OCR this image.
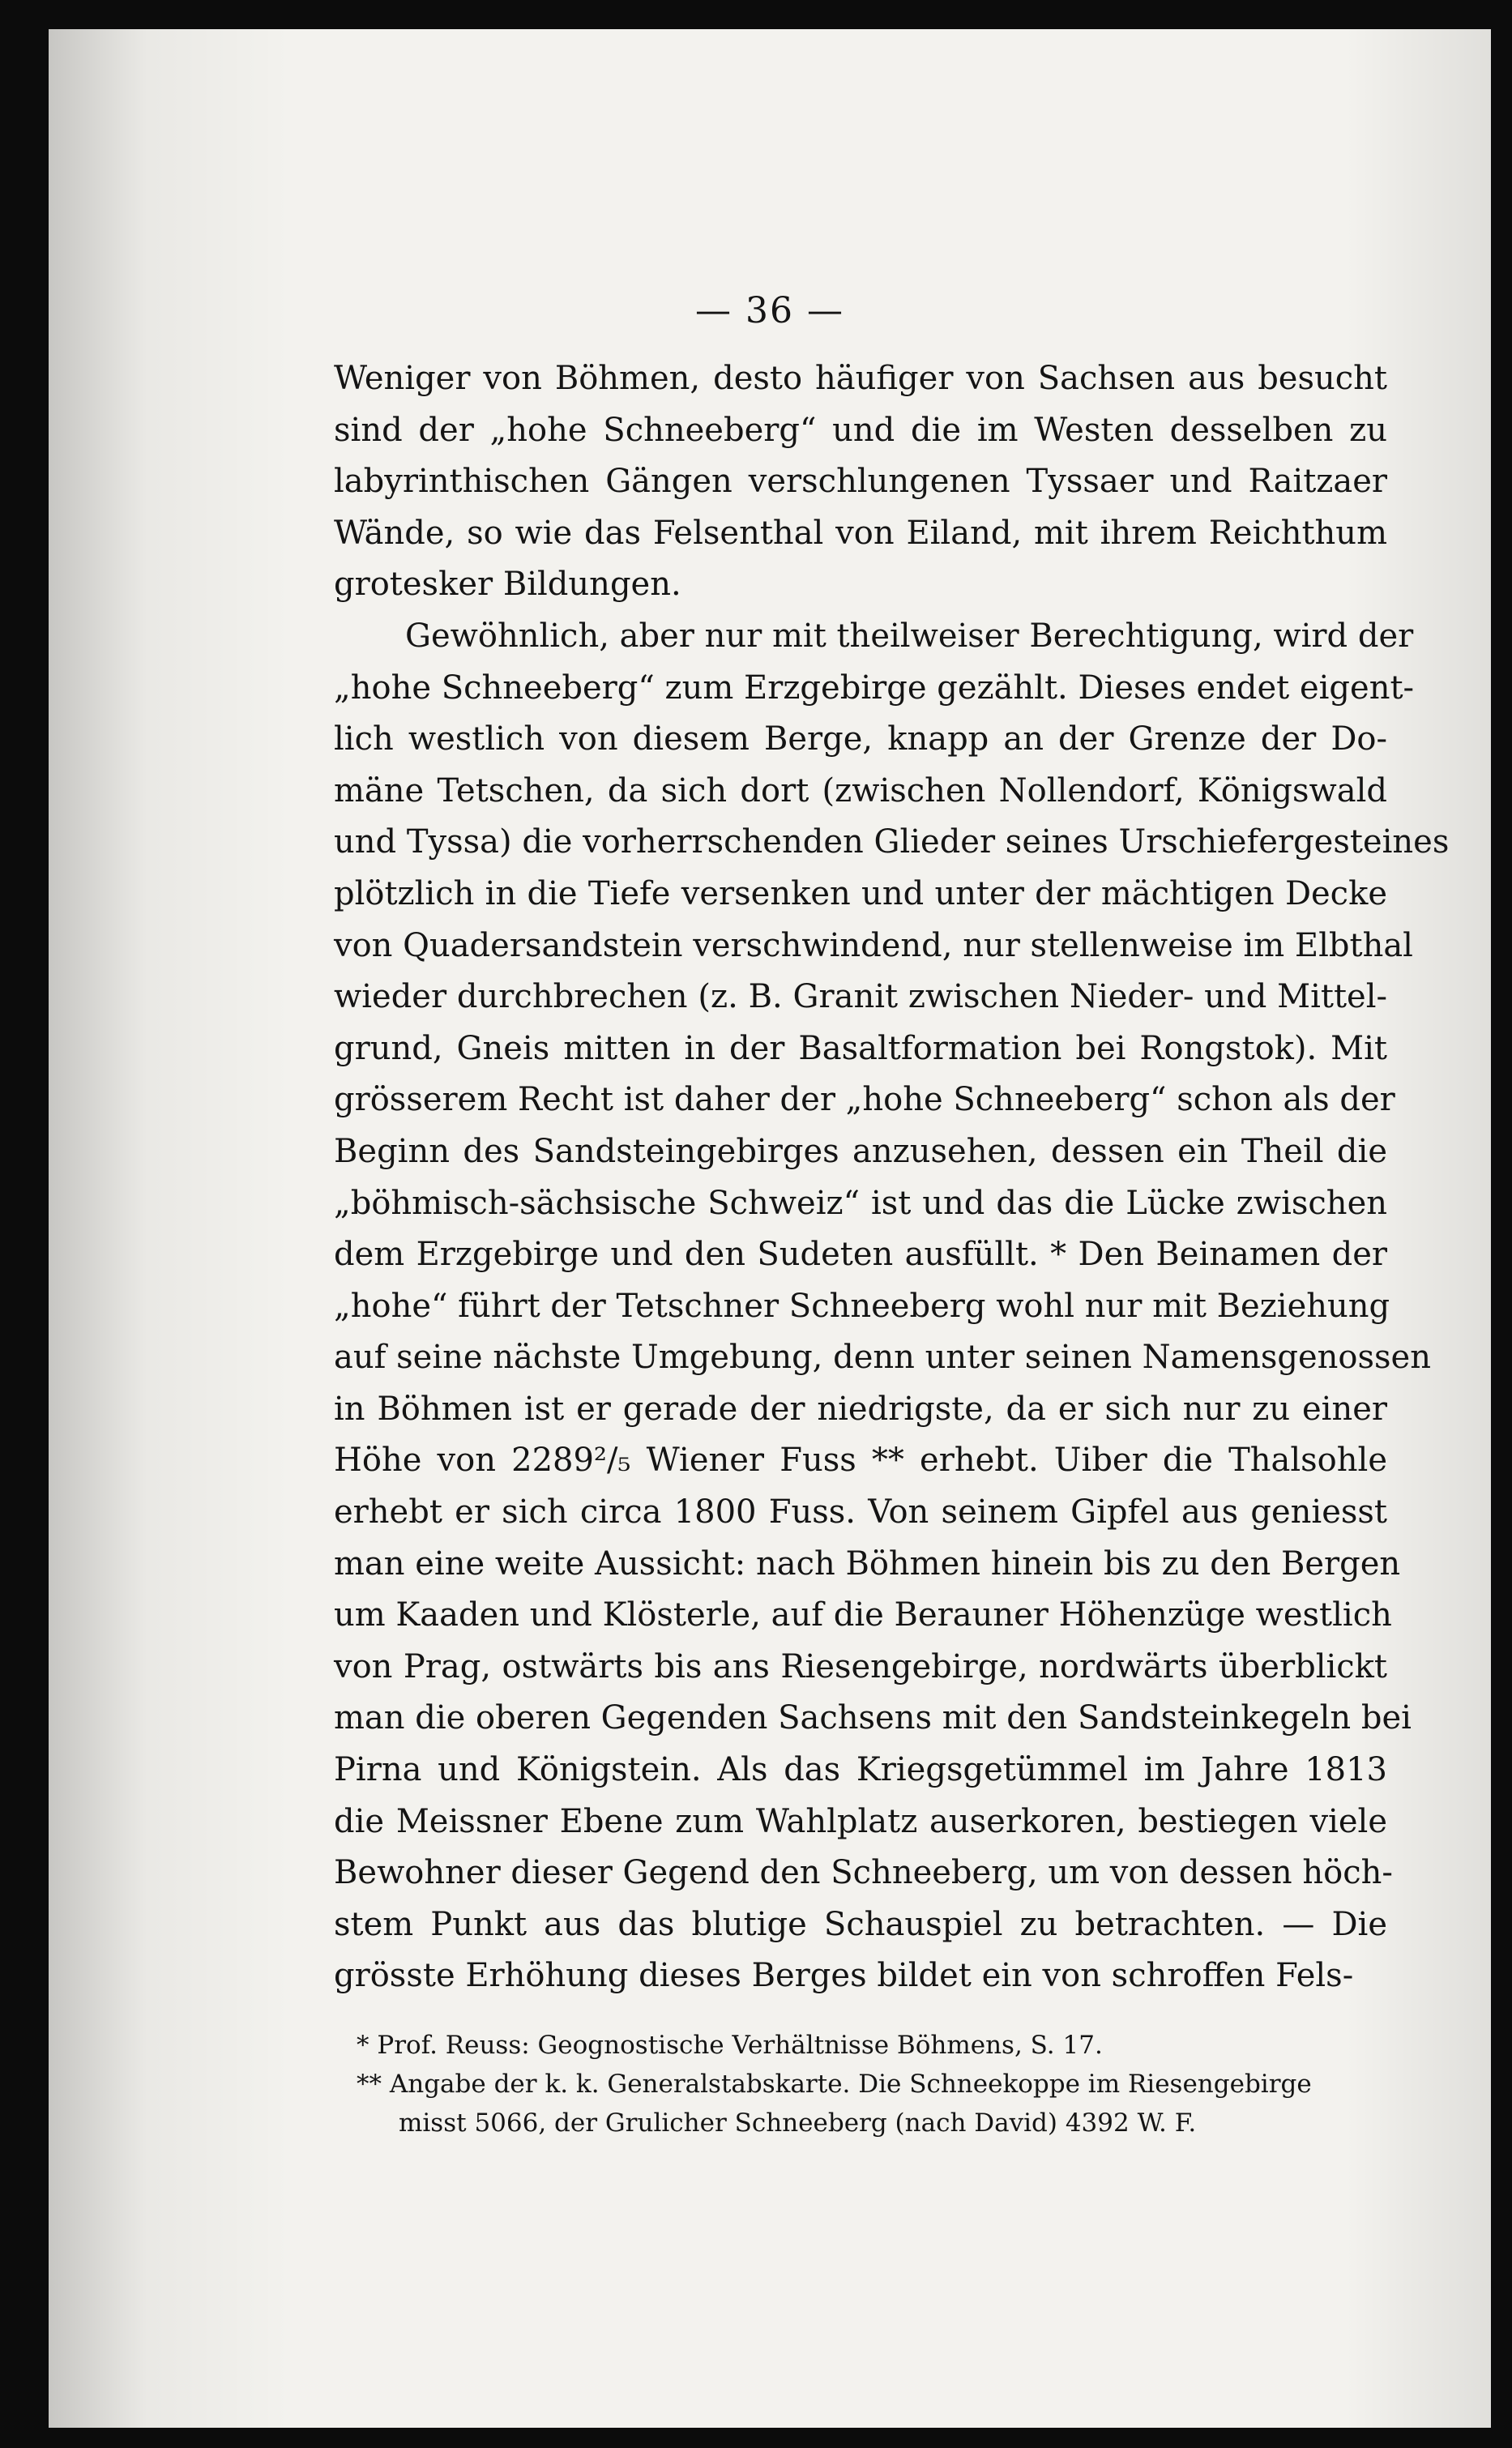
— 36 —
Weniger von Böhmen, desto häufiger von Sachsen aus besucht
sind der „hohe Schneeberg“ und die im Westen desselben zu
labyrinthischen Gängen verschlungenen Tyssaer und Raitzaer
Wände, so wie das Felsenthal von Eiland, mit ihrem Reichthum
grotesker Bildungen.
Gewöhnlich, aber nur mit theilweiser Berechtigung, wird der
„hohe Schneeberg“ zum Erzgebirge gezählt. Dieses endet eigent-
lich westlich von diesem Berge, knapp an der Grenze der Do-
mäne Tetschen, da sich dort (zwischen Nollendorf, Königswald
und Tyssa) die vorherrschenden Glieder seines Urschiefergesteines
plötzlich in die Tiefe versenken und unter der mächtigen Decke
von Quadersandstein verschwindend, nur stellenweise im Elbthal
wieder durchbrechen (z. B. Granit zwischen Nieder- und Mittel-
grund, Gneis mitten in der Basaltformation bei Rongstok). Mit
grösserem Recht ist daher der „hohe Schneeberg“ schon als der
Beginn des Sandsteingebirges anzusehen, dessen ein Theil die
„böhmisch-sächsische Schweiz“ ist und das die Lücke zwischen
dem Erzgebirge und den Sudeten ausfüllt. * Den Beinamen der
„hohe“ führt der Tetschner Schneeberg wohl nur mit Beziehung
auf seine nächste Umgebung, denn unter seinen Namensgenossen
in Böhmen ist er gerade der niedrigste, da er sich nur zu einer
Höhe von 2289²/₅ Wiener Fuss ** erhebt. Uiber die Thalsohle
erhebt er sich circa 1800 Fuss. Von seinem Gipfel aus geniesst
man eine weite Aussicht: nach Böhmen hinein bis zu den Bergen
um Kaaden und Klösterle, auf die Berauner Höhenzüge westlich
von Prag, ostwärts bis ans Riesengebirge, nordwärts überblickt
man die oberen Gegenden Sachsens mit den Sandsteinkegeln bei
Pirna und Königstein. Als das Kriegsgetümmel im Jahre 1813
die Meissner Ebene zum Wahlplatz auserkoren, bestiegen viele
Bewohner dieser Gegend den Schneeberg, um von dessen höch-
stem Punkt aus das blutige Schauspiel zu betrachten. — Die
grösste Erhöhung dieses Berges bildet ein von schroffen Fels-
* Prof. Reuss: Geognostische Verhältnisse Böhmens, S. 17.
** Angabe der k. k. Generalstabskarte. Die Schneekoppe im Riesengebirge
misst 5066, der Grulicher Schneeberg (nach David) 4392 W. F.
